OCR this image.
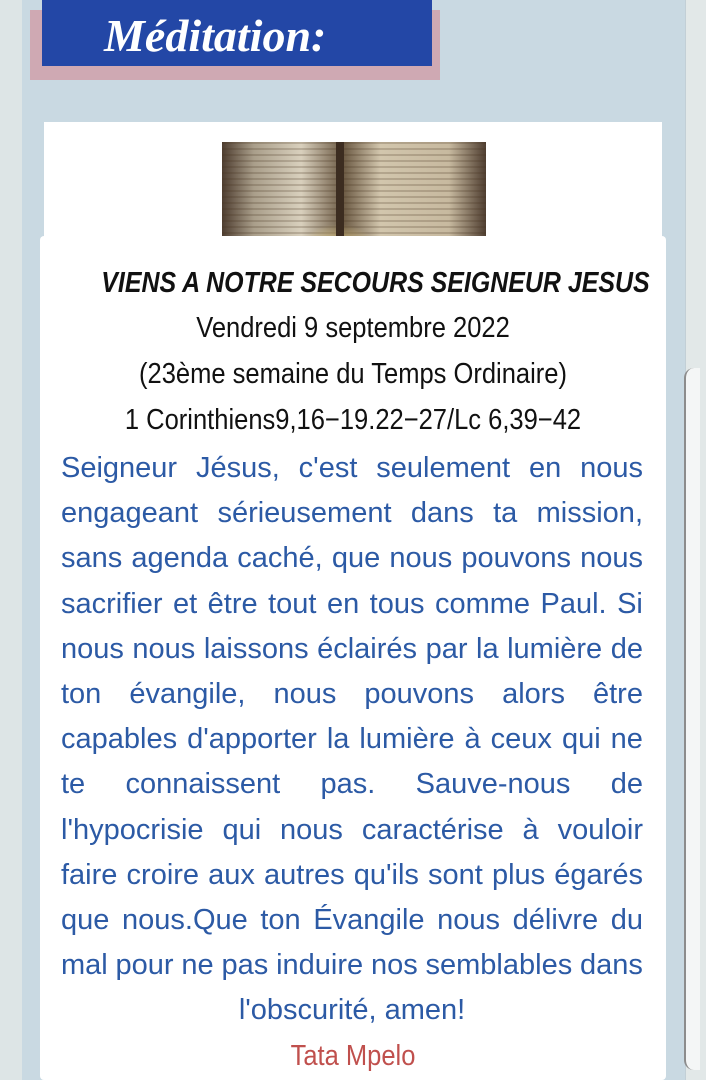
Méditation:
VIENS A NOTRE SECOURS SEIGNEUR JESUS
Vendredi 9 septembre 2022
(23ème semaine du Temps Ordinaire)
1 Corinthiens9,16−19.22−27/Lc 6,39−42
Seigneur Jésus, c'est seulement en nous
engageant sérieusement dans ta mission,
sans agenda caché, que nous pouvons nous
sacrifier et être tout en tous comme Paul. Si
nous nous laissons éclairés par la lumière de
ton évangile, nous pouvons alors être
capables d'apporter la lumière à ceux qui ne
te connaissent pas. Sauve-nous de
l'hypocrisie qui nous caractérise à vouloir
faire croire aux autres qu'ils sont plus égarés
que nous.Que ton Évangile nous délivre du
mal pour ne pas induire nos semblables dans
l'obscurité, amen!
Tata Mpelo
